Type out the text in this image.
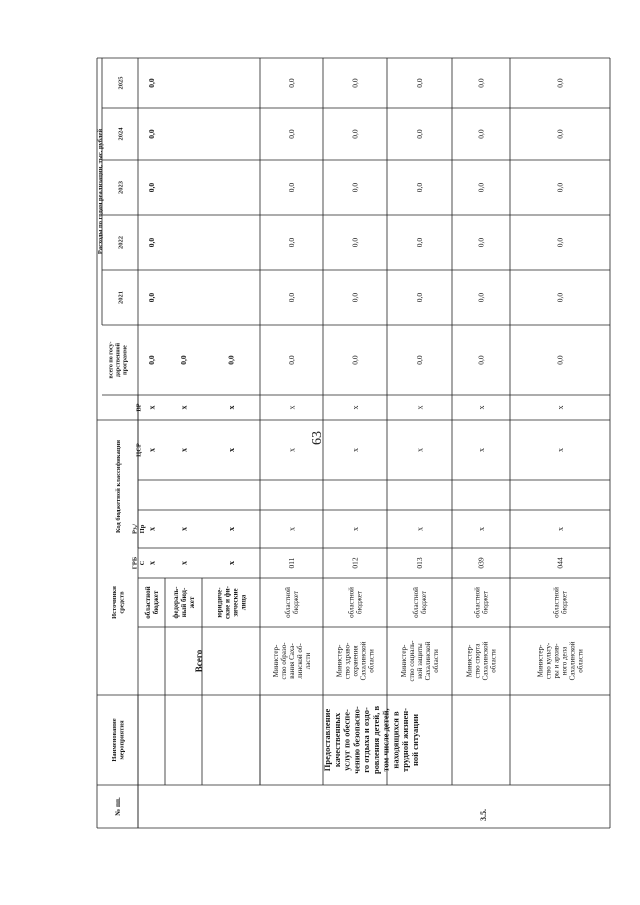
63
№ пп.
Наименование мероприятия
Источники средств
Код бюджетной классификации
ГРБ С
Рз,/ Пр
ЦСР
ВР
всего по госу- дарственной программе
Расходы по годам реализации, тыс. рублей
2021
2022
2023
2024
2025
3.5.
Предоставление качественных услуг по обеспе- чению безопасно- го отдыха и оздо- ровления детей, в том числе детей, находящихся в трудной жизнен- ной ситуации
Всего
областной бюджет
х
х
х
х
0,0
0,0
0,0
0,0
0,0
0,0
федераль- ный бюд- жет
х
х
х
х
0,0
юридиче- ские и фи- зические лица
х
х
х
х
0,0
Министер- ство образо- вания Саха- линской об- ласти
областной бюджет
011
х
х
х
0,0
0,0
0,0
0,0
0,0
0,0
Министер- ство здраво- охранения Сахалинской области
областной бюджет
012
х
х
х
0,0
0,0
0,0
0,0
0,0
0,0
Министер- ство социаль- ной защиты Сахалинской области
областной бюджет
013
х
х
х
0,0
0,0
0,0
0,0
0,0
0,0
Министер- ство спорта Сахалинской области
областной бюджет
039
х
х
х
0,0
0,0
0,0
0,0
0,0
0,0
Министер- ство культу- ры и архив- ного дела Сахалинской области
областной бюджет
044
х
х
х
0,0
0,0
0,0
0,0
0,0
0,0
